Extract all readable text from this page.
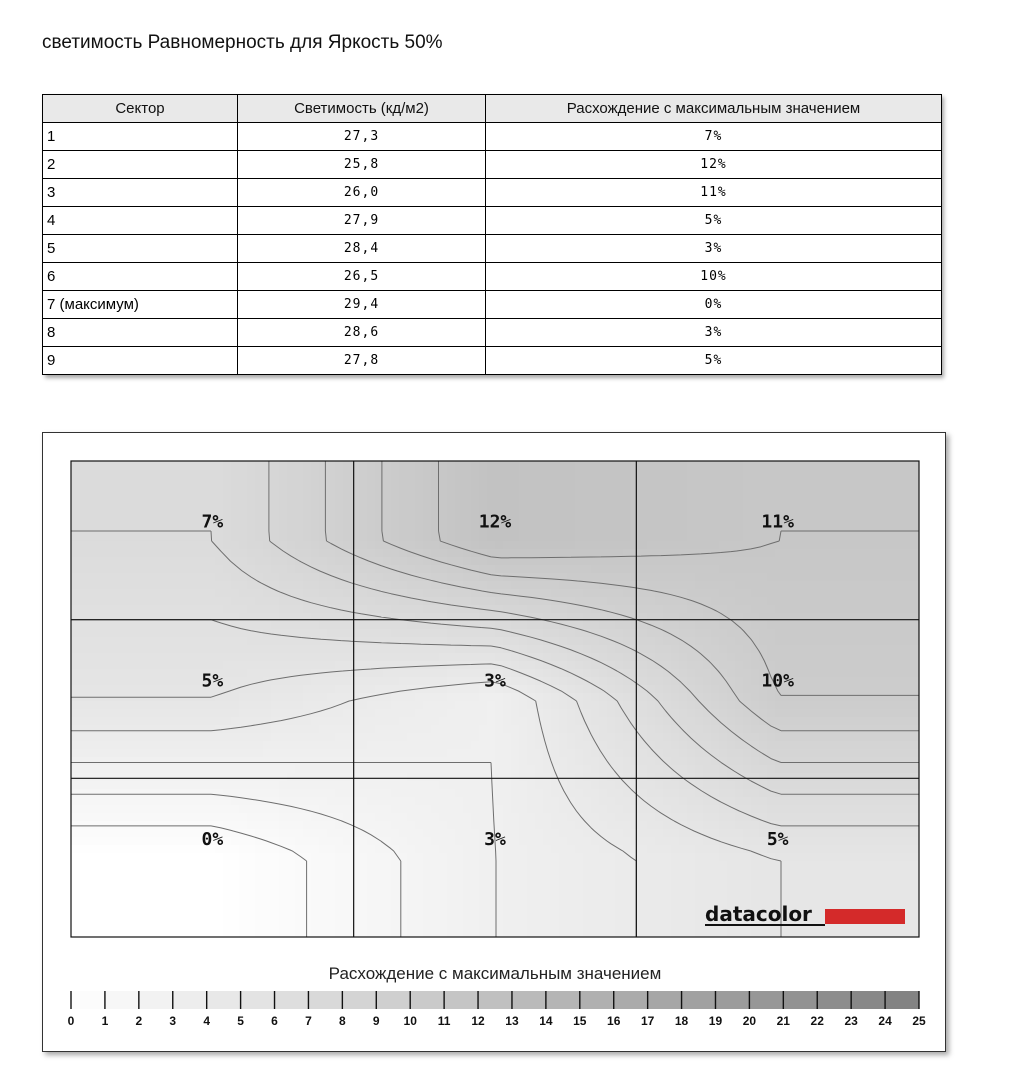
светимость Равномерность для Яркость 50%
Сектор	Светимость (кд/м2)	Расхождение с максимальным значением
1	27,3	7%
2	25,8	12%
3	26,0	11%
4	27,9	5%
5	28,4	3%
6	26,5	10%
7 (максимум)	29,4	0%
8	28,6	3%
9	27,8	5%
7%	12%	11%
5%	3%	10%
0%	3%	5%
datacolor
Расхождение с максимальным значением
0 1 2 3 4 5 6 7 8 9 10 11 12 13 14 15 16 17 18 19 20 21 22 23 24 25
